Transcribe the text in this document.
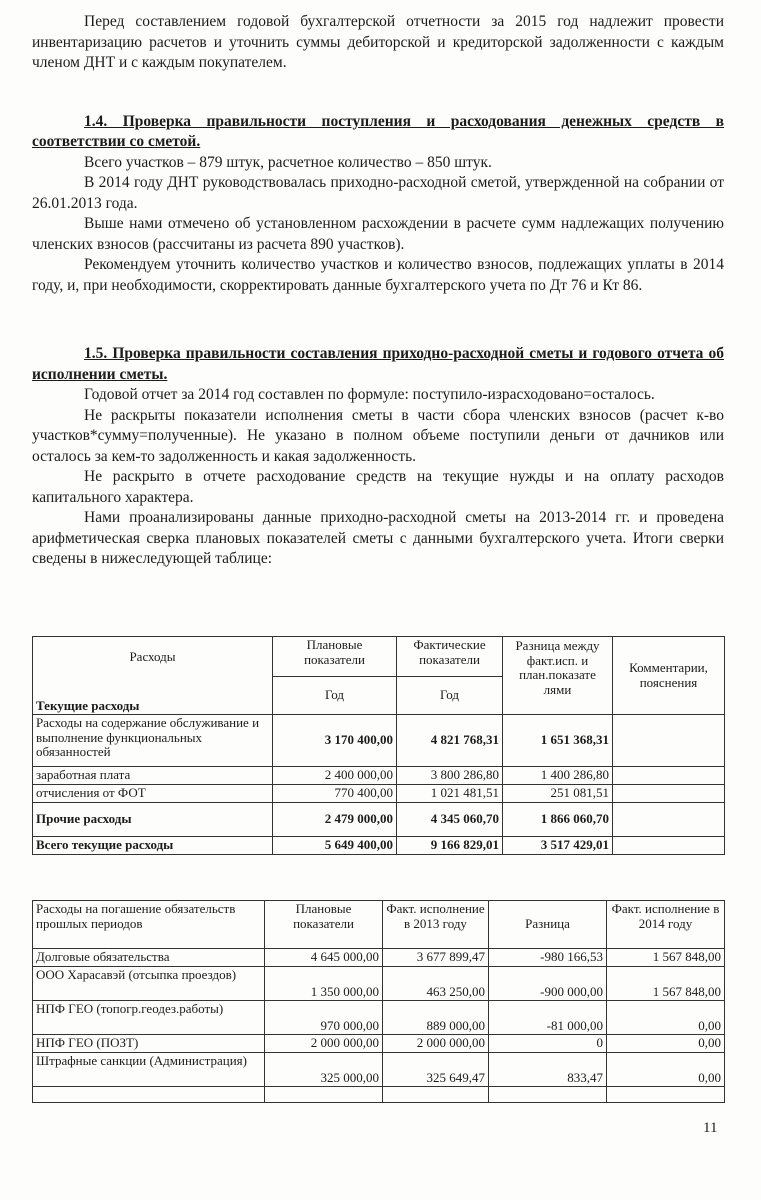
Перед составлением годовой бухгалтерской отчетности за 2015 год надлежит провести инвентаризацию расчетов и уточнить суммы дебиторской и кредиторской задолженности с каждым членом ДНТ и с каждым покупателем.

1.4. Проверка правильности поступления и расходования денежных средств в соответствии со сметой.

Всего участков – 879 штук, расчетное количество – 850 штук.

В 2014 году ДНТ руководствовалась приходно-расходной сметой, утвержденной на собрании от 26.01.2013 года.

Выше нами отмечено об установленном расхождении в расчете сумм надлежащих получению членских взносов (рассчитаны из расчета 890 участков).

Рекомендуем уточнить количество участков и количество взносов, подлежащих уплаты в 2014 году, и, при необходимости, скорректировать данные бухгалтерского учета по Дт 76 и Кт 86.

1.5. Проверка правильности составления приходно-расходной сметы и годового отчета об исполнении сметы.

Годовой отчет за 2014 год составлен по формуле: поступило-израсходовано=осталось.

Не раскрыты показатели исполнения сметы в части сбора членских взносов (расчет к-во участков*сумму=полученные). Не указано в полном объеме поступили деньги от дачников или осталось за кем-то задолженность и какая задолженность.

Не раскрыто в отчете расходование средств на текущие нужды и на оплату расходов капитального характера.

Нами проанализированы данные приходно-расходной сметы на 2013-2014 гг. и проведена арифметическая сверка плановых показателей сметы с данными бухгалтерского учета. Итоги сверки сведены в нижеследующей таблице:

Расходы	Плановые показатели	Фактические показатели	Разница между факт.исп. и план.показате лями	Комментарии, пояснения
Текущие расходы	Год	Год		
Расходы на содержание обслуживание и выполнение функциональных обязанностей	3 170 400,00	4 821 768,31	1 651 368,31	
заработная плата	2 400 000,00	3 800 286,80	1 400 286,80	
отчисления от ФОТ	770 400,00	1 021 481,51	251 081,51	
Прочие расходы	2 479 000,00	4 345 060,70	1 866 060,70	
Всего текущие расходы	5 649 400,00	9 166 829,01	3 517 429,01	
Расходы на погашение обязательств прошлых периодов	Плановые показатели	Факт. исполнение в 2013 году	Разница	Факт. исполнение в 2014 году
Долговые обязательства	4 645 000,00	3 677 899,47	-980 166,53	1 567 848,00
ООО Харасавэй (отсыпка проездов)	1 350 000,00	463 250,00	-900 000,00	1 567 848,00
НПФ ГЕО (топогр.геодез.работы)	970 000,00	889 000,00	-81 000,00	0,00
НПФ ГЕО (ПОЗТ)	2 000 000,00	2 000 000,00	0	0,00
Штрафные санкции (Администрация)	325 000,00	325 649,47	833,47	0,00

11
